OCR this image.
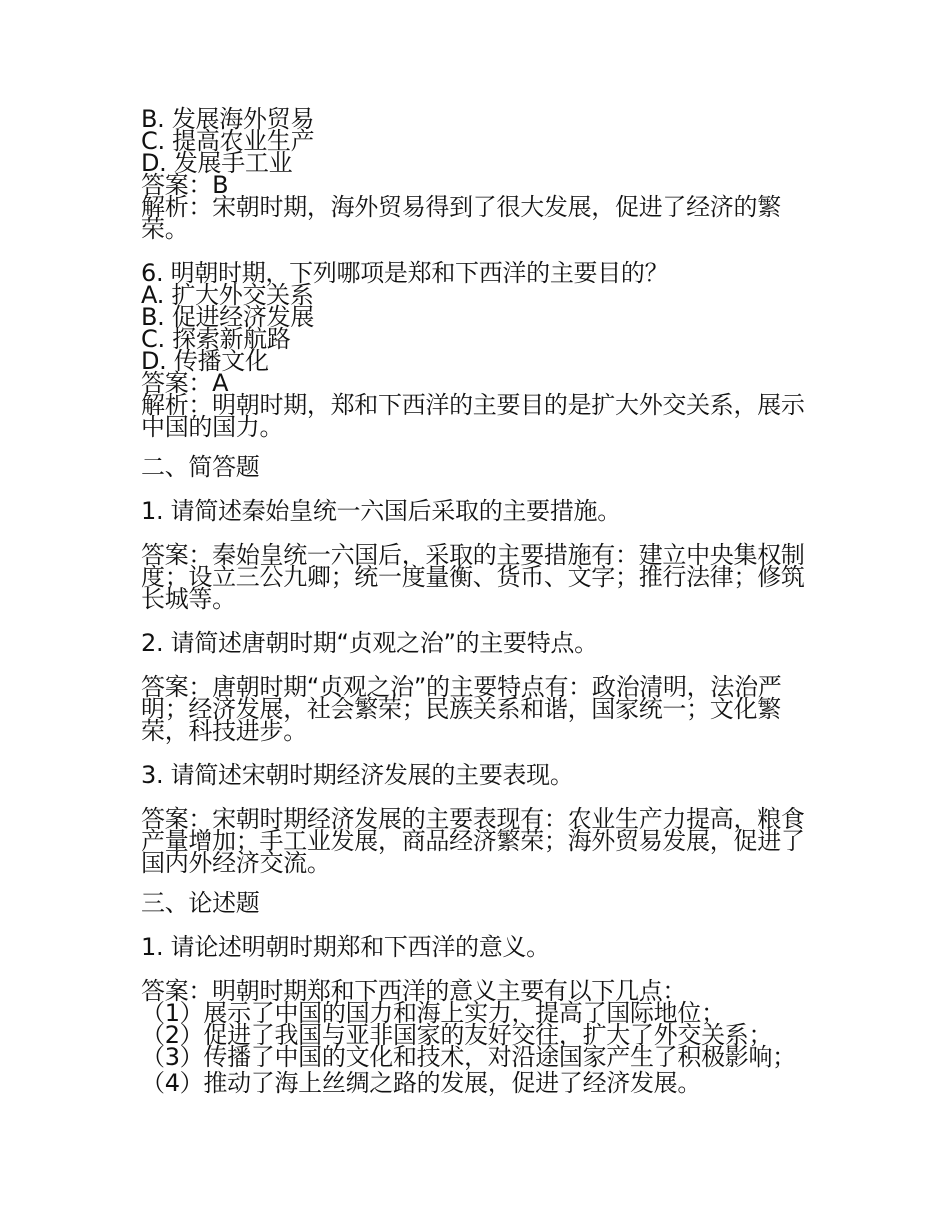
B. 发展海外贸易
C. 提高农业生产
D. 发展手工业
答案：B
解析：宋朝时期，海外贸易得到了很大发展，促进了经济的繁荣。
6. 明朝时期，下列哪项是郑和下西洋的主要目的？
A. 扩大外交关系
B. 促进经济发展
C. 探索新航路
D. 传播文化
答案：A
解析：明朝时期，郑和下西洋的主要目的是扩大外交关系，展示中国的国力。
二、简答题
1. 请简述秦始皇统一六国后采取的主要措施。
答案：秦始皇统一六国后，采取的主要措施有：建立中央集权制度；设立三公九卿；统一度量衡、货币、文字；推行法律；修筑长城等。
2. 请简述唐朝时期“贞观之治”的主要特点。
答案：唐朝时期“贞观之治”的主要特点有：政治清明，法治严明；经济发展，社会繁荣；民族关系和谐，国家统一；文化繁荣，科技进步。
3. 请简述宋朝时期经济发展的主要表现。
答案：宋朝时期经济发展的主要表现有：农业生产力提高，粮食产量增加；手工业发展，商品经济繁荣；海外贸易发展，促进了国内外经济交流。
三、论述题
1. 请论述明朝时期郑和下西洋的意义。
答案：明朝时期郑和下西洋的意义主要有以下几点：
（1）展示了中国的国力和海上实力，提高了国际地位；
（2）促进了我国与亚非国家的友好交往，扩大了外交关系；
（3）传播了中国的文化和技术，对沿途国家产生了积极影响；
（4）推动了海上丝绸之路的发展，促进了经济发展。
